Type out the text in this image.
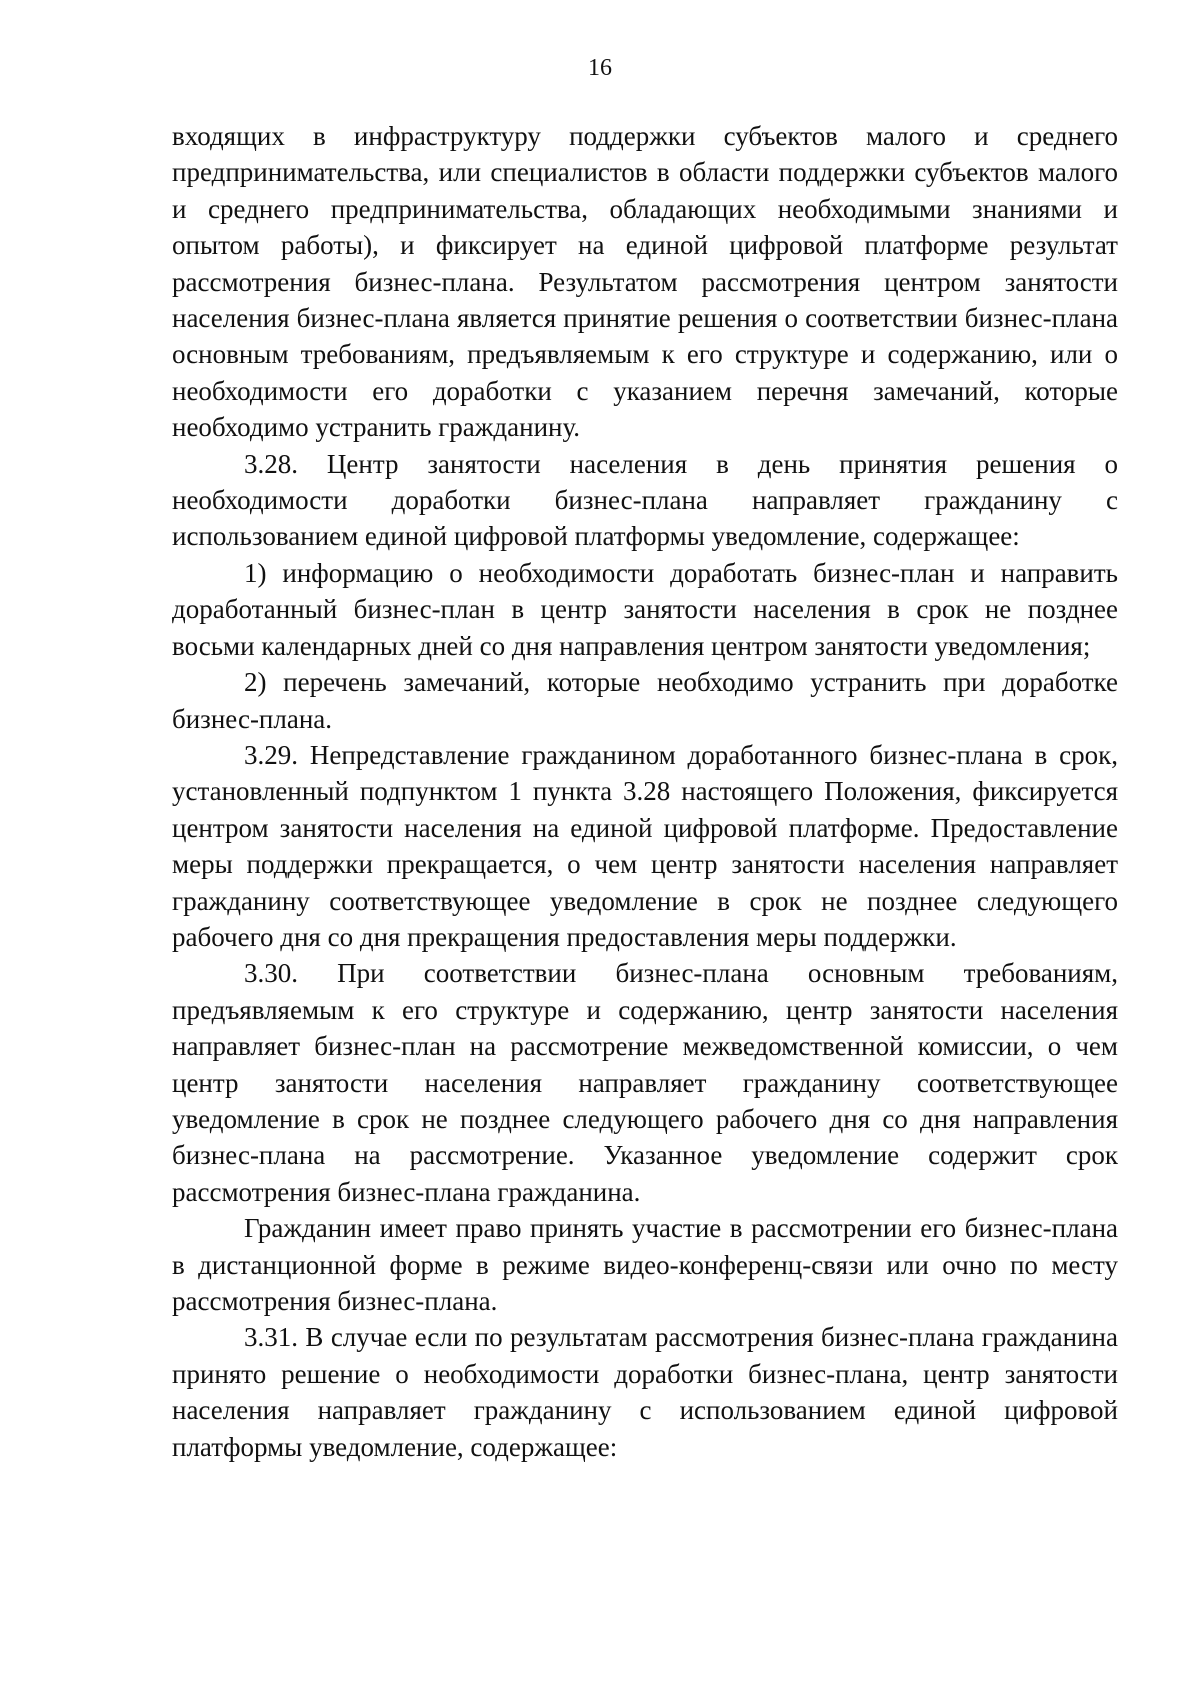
16

входящих в инфраструктуру поддержки субъектов малого и среднего предпринимательства, или специалистов в области поддержки субъектов малого и среднего предпринимательства, обладающих необходимыми знаниями и опытом работы), и фиксирует на единой цифровой платформе результат рассмотрения бизнес-плана. Результатом рассмотрения центром занятости населения бизнес-плана является принятие решения о соответствии бизнес-плана основным требованиям, предъявляемым к его структуре и содержанию, или о необходимости его доработки с указанием перечня замечаний, которые необходимо устранить гражданину.

3.28. Центр занятости населения в день принятия решения о необходимости доработки бизнес-плана направляет гражданину с использованием единой цифровой платформы уведомление, содержащее:

1) информацию о необходимости доработать бизнес-план и направить доработанный бизнес-план в центр занятости населения в срок не позднее восьми календарных дней со дня направления центром занятости уведомления;

2) перечень замечаний, которые необходимо устранить при доработке бизнес-плана.

3.29. Непредставление гражданином доработанного бизнес-плана в срок, установленный подпунктом 1 пункта 3.28 настоящего Положения, фиксируется центром занятости населения на единой цифровой платформе. Предоставление меры поддержки прекращается, о чем центр занятости населения направляет гражданину соответствующее уведомление в срок не позднее следующего рабочего дня со дня прекращения предоставления меры поддержки.

3.30. При соответствии бизнес-плана основным требованиям, предъявляемым к его структуре и содержанию, центр занятости населения направляет бизнес-план на рассмотрение межведомственной комиссии, о чем центр занятости населения направляет гражданину соответствующее уведомление в срок не позднее следующего рабочего дня со дня направления бизнес-плана на рассмотрение. Указанное уведомление содержит срок рассмотрения бизнес-плана гражданина.

Гражданин имеет право принять участие в рассмотрении его бизнес-плана в дистанционной форме в режиме видео-конференц-связи или очно по месту рассмотрения бизнес-плана.

3.31. В случае если по результатам рассмотрения бизнес-плана гражданина принято решение о необходимости доработки бизнес-плана, центр занятости населения направляет гражданину с использованием единой цифровой платформы уведомление, содержащее:
